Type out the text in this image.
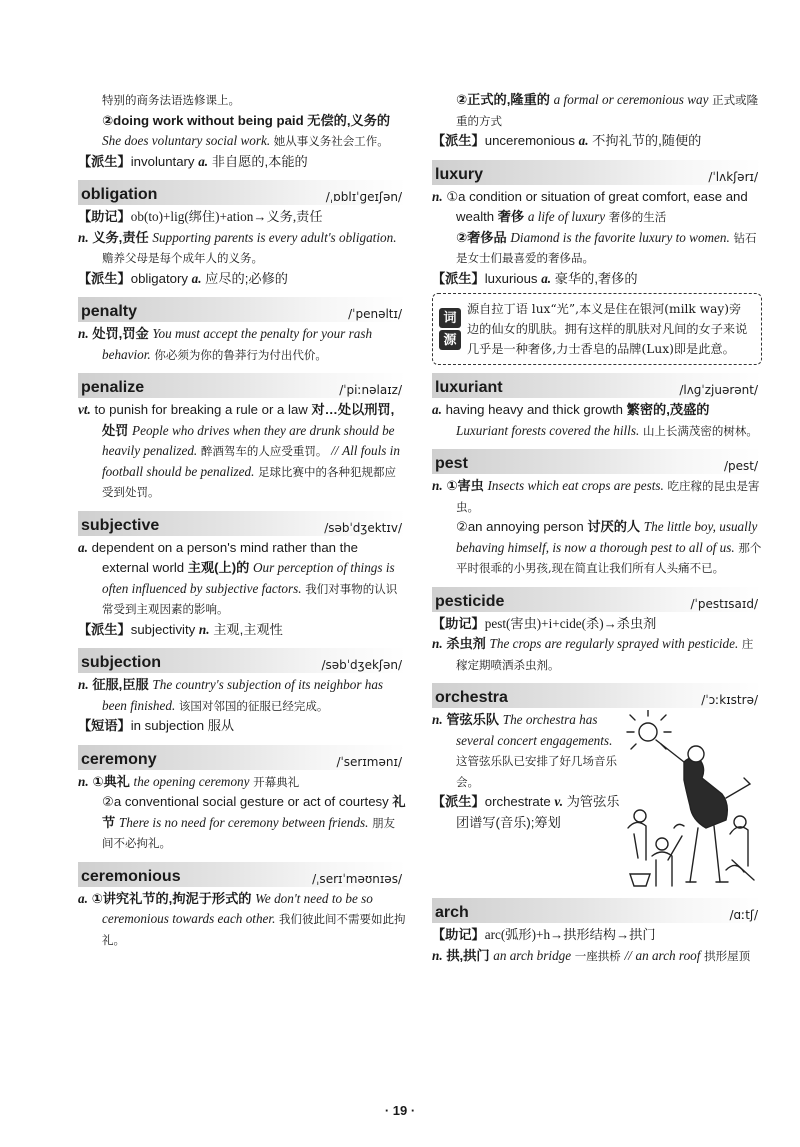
特别的商务法语选修课上。

②doing work without being paid 无偿的,义务的 She does voluntary social work. 她从事义务社会工作。

【派生】involuntary a. 非自愿的,本能的

obligation	/ˌɒblɪˈɡeɪʃən/

【助记】ob(to)+lig(绑住)+ation→义务,责任

n. 义务,责任 Supporting parents is every adult's obligation. 赡养父母是每个成年人的义务。

【派生】obligatory a. 应尽的;必修的

penalty	/ˈpenəltɪ/

n. 处罚,罚金 You must accept the penalty for your rash behavior. 你必须为你的鲁莽行为付出代价。

penalize	/ˈpiːnəlaɪz/

vt. to punish for breaking a rule or a law 对…处以刑罚,处罚 People who drives when they are drunk should be heavily penalized. 醉酒驾车的人应受重罚。 // All fouls in football should be penalized. 足球比赛中的各种犯规都应受到处罚。

subjective	/səbˈdʒektɪv/

a. dependent on a person's mind rather than the external world 主观(上)的 Our perception of things is often influenced by subjective factors. 我们对事物的认识常受到主观因素的影响。

【派生】subjectivity n. 主观,主观性

subjection	/səbˈdʒekʃən/

n. 征服,臣服 The country's subjection of its neighbor has been finished. 该国对邻国的征服已经完成。

【短语】in subjection 服从

ceremony	/ˈserɪmənɪ/

n. ①典礼 the opening ceremony 开幕典礼

②a conventional social gesture or act of courtesy 礼节 There is no need for ceremony between friends. 朋友间不必拘礼。

ceremonious	/ˌserɪˈməʊnɪəs/

a. ①讲究礼节的,拘泥于形式的 We don't need to be so ceremonious towards each other. 我们彼此间不需要如此拘礼。

②正式的,隆重的 a formal or ceremonious way 正式或隆重的方式

【派生】unceremonious a. 不拘礼节的,随便的

luxury	/ˈlʌkʃərɪ/

n. ①a condition or situation of great comfort, ease and wealth 奢侈 a life of luxury 奢侈的生活

②奢侈品 Diamond is the favorite luxury to women. 钻石是女士们最喜爱的奢侈品。

【派生】luxurious a. 豪华的,奢侈的

词
源
源自拉丁语 lux“光”,本义是住在银河(milk way)旁边的仙女的肌肤。拥有这样的肌肤对凡间的女子来说几乎是一种奢侈,力士香皂的品牌(Lux)即是此意。
luxuriant	/lʌɡˈzjuərənt/

a. having heavy and thick growth 繁密的,茂盛的 Luxuriant forests covered the hills. 山上长满茂密的树林。

pest	/pest/

n. ①害虫 Insects which eat crops are pests. 吃庄稼的昆虫是害虫。

②an annoying person 讨厌的人 The little boy, usually behaving himself, is now a thorough pest to all of us. 那个平时很乖的小男孩,现在简直让我们所有人头痛不已。

pesticide	/ˈpestɪsaɪd/

【助记】pest(害虫)+i+cide(杀)→杀虫剂

n. 杀虫剂 The crops are regularly sprayed with pesticide. 庄稼定期喷洒杀虫剂。

orchestra	/ˈɔːkɪstrə/

n. 管弦乐队 The orchestra has several concert engagements. 这管弦乐队已安排了好几场音乐会。

【派生】orchestrate v. 为管弦乐团谱写(音乐);筹划

arch	/ɑːtʃ/

【助记】arc(弧形)+h→拱形结构→拱门

n. 拱,拱门 an arch bridge 一座拱桥 // an arch roof 拱形屋顶

· 19 ·
